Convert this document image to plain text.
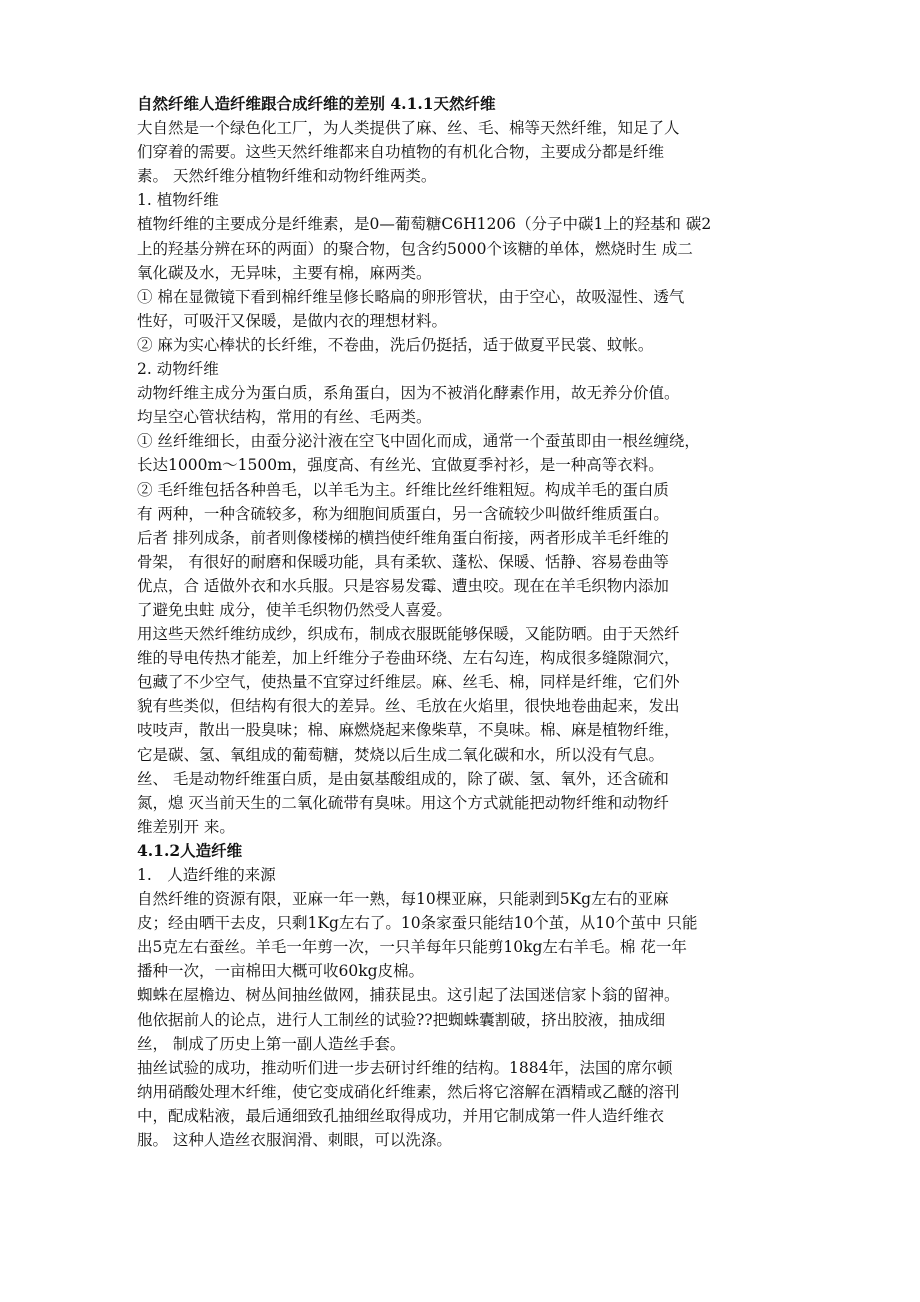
自然纤维人造纤维跟合成纤维的差别 4.1.1天然纤维
大自然是一个绿色化工厂，为人类提供了麻、丝、毛、棉等天然纤维，知足了人
们穿着的需要。这些天然纤维都来自功植物的有机化合物，主要成分都是纤维
素。 天然纤维分植物纤维和动物纤维两类。
1. 植物纤维
植物纤维的主要成分是纤维素，是0—葡萄糖C6H1206（分子中碳1上的羟基和 碳2
上的羟基分辨在环的两面）的聚合物，包含约5000个该糖的单体，燃烧时生 成二
氧化碳及水，无异味，主要有棉，麻两类。
① 棉在显微镜下看到棉纤维呈修长略扁的卵形管状，由于空心，故吸湿性、透气
性好，可吸汗又保暖，是做内衣的理想材料。
② 麻为实心棒状的长纤维，不卷曲，洗后仍挺括，适于做夏平民裳、蚊帐。
2. 动物纤维
动物纤维主成分为蛋白质，系角蛋白，因为不被消化酵素作用，故无养分价值。
均呈空心管状结构，常用的有丝、毛两类。
① 丝纤维细长，由蚕分泌汁液在空飞中固化而成，通常一个蚕茧即由一根丝缠绕，
长达1000m～1500m，强度高、有丝光、宜做夏季衬衫，是一种高等衣料。
② 毛纤维包括各种兽毛，以羊毛为主。纤维比丝纤维粗短。构成羊毛的蛋白质
有 两种，一种含硫较多，称为细胞间质蛋白，另一含硫较少叫做纤维质蛋白。
后者 排列成条，前者则像楼梯的横挡使纤维角蛋白衔接，两者形成羊毛纤维的
骨架， 有很好的耐磨和保暖功能，具有柔软、蓬松、保暖、恬静、容易卷曲等
优点，合 适做外衣和水兵服。只是容易发霉、遭虫咬。现在在羊毛织物内添加
了避免虫蛀 成分，使羊毛织物仍然受人喜爱。
用这些天然纤维纺成纱，织成布，制成衣服既能够保暖，又能防晒。由于天然纤
维的导电传热才能差，加上纤维分子卷曲环绕、左右勾连，构成很多缝隙洞穴，
包藏了不少空气，使热量不宜穿过纤维层。麻、丝毛、棉，同样是纤维，它们外
貌有些类似，但结构有很大的差异。丝、毛放在火焰里，很快地卷曲起来，发出
吱吱声，散出一股臭味；棉、麻燃烧起来像柴草，不臭味。棉、麻是植物纤维，
它是碳、氢、氧组成的葡萄糖，焚烧以后生成二氧化碳和水，所以没有气息。
丝、 毛是动物纤维蛋白质，是由氨基酸组成的，除了碳、氢、氧外，还含硫和
氮，熄 灭当前天生的二氧化硫带有臭味。用这个方式就能把动物纤维和动物纤
维差别开 来。
4.1.2人造纤维
1.　人造纤维的来源
自然纤维的资源有限，亚麻一年一熟，每10棵亚麻，只能剥到5Kg左右的亚麻
皮；经由晒干去皮，只剩1Kg左右了。10条家蚕只能结10个茧，从10个茧中 只能
出5克左右蚕丝。羊毛一年剪一次，一只羊每年只能剪10kg左右羊毛。棉 花一年
播种一次，一亩棉田大概可收60kg皮棉。
蜘蛛在屋檐边、树丛间抽丝做网，捕获昆虫。这引起了法国迷信家卜翁的留神。
他依据前人的论点，进行人工制丝的试验??把蜘蛛囊割破，挤出胶液，抽成细
丝， 制成了历史上第一副人造丝手套。
抽丝试验的成功，推动听们进一步去研讨纤维的结构。1884年，法国的席尔顿
纳用硝酸处理木纤维，使它变成硝化纤维素，然后将它溶解在酒精或乙醚的溶刊
中，配成粘液，最后通细致孔抽细丝取得成功，并用它制成第一件人造纤维衣
服。 这种人造丝衣服润滑、刺眼，可以洗涤。
